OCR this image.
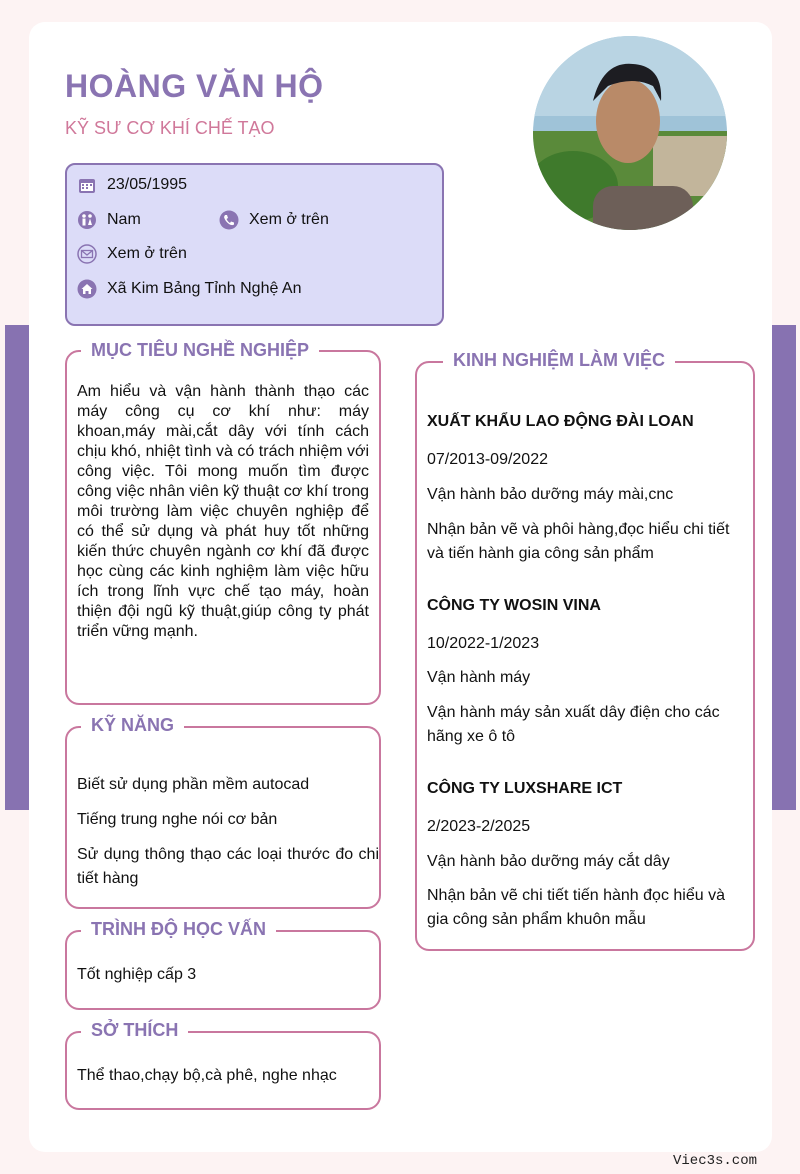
HOÀNG VĂN HỘ
KỸ SƯ CƠ KHÍ CHẾ TẠO
23/05/1995
Nam	Xem ở trên
Xem ở trên
Xã Kim Bảng Tỉnh Nghệ An
MỤC TIÊU NGHỀ NGHIỆP
Am hiểu và vận hành thành thạo các máy công cụ cơ khí như: máy khoan,máy mài,cắt dây với tính cách chịu khó, nhiệt tình và có trách nhiệm với công việc. Tôi mong muốn tìm được công việc nhân viên kỹ thuật cơ khí trong môi trường làm việc chuyên nghiệp để có thể sử dụng và phát huy tốt những kiến thức chuyên ngành cơ khí đã được học cùng các kinh nghiệm làm việc hữu ích trong lĩnh vực chế tạo máy, hoàn thiện đội ngũ kỹ thuật,giúp công ty phát triển vững mạnh.
KỸ NĂNG
Biết sử dụng phần mềm autocad
Tiếng trung nghe nói cơ bản
Sử dụng thông thạo các loại thước đo chi tiết hàng
TRÌNH ĐỘ HỌC VẤN
Tốt nghiệp cấp 3
SỞ THÍCH
Thể thao,chạy bộ,cà phê, nghe nhạc
KINH NGHIỆM LÀM VIỆC
XUẤT KHẨU LAO ĐỘNG ĐÀI LOAN
07/2013-09/2022
Vận hành bảo dưỡng máy mài,cnc
Nhận bản vẽ và phôi hàng,đọc hiểu chi tiết và tiến hành gia công sản phẩm
CÔNG TY WOSIN VINA
10/2022-1/2023
Vận hành máy
Vận hành máy sản xuất dây điện cho các hãng xe ô tô
CÔNG TY LUXSHARE ICT
2/2023-2/2025
Vận hành bảo dưỡng máy cắt dây
Nhận bản vẽ chi tiết tiến hành đọc hiểu và gia công sản phẩm khuôn mẫu
Viec3s.com
